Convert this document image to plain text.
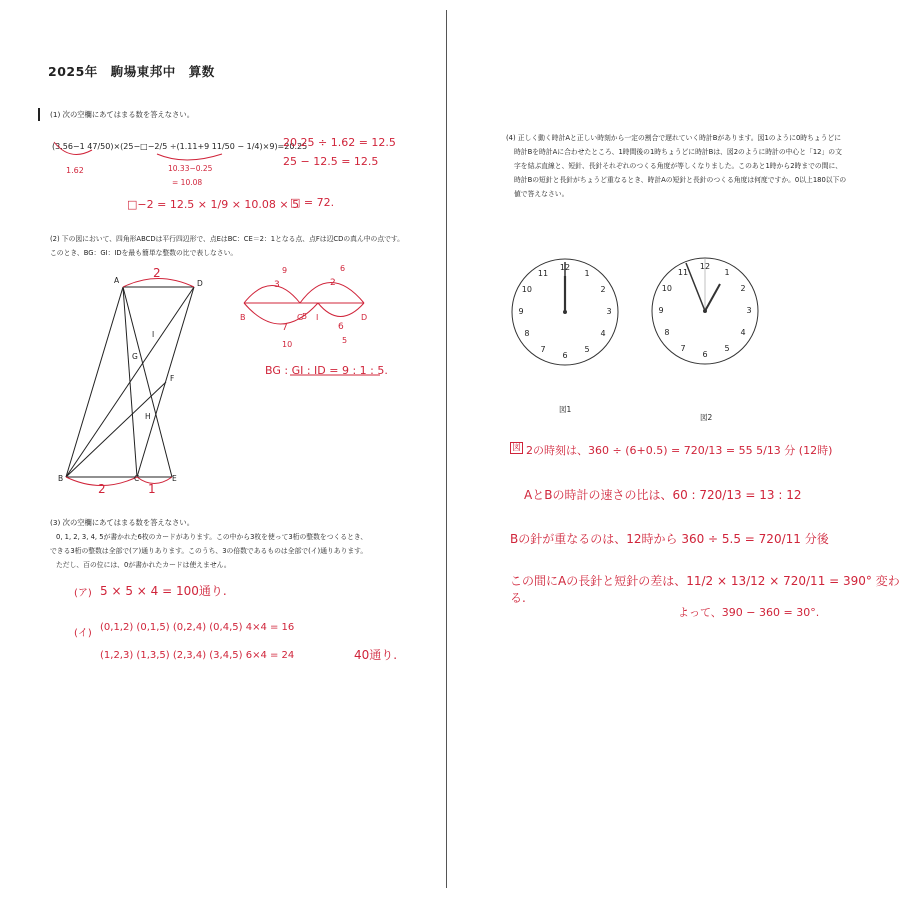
2025年　駒場東邦中　算数
(1) 次の空欄にあてはまる数を答えなさい。
(3.56−1 47/50)×(25−□−2/5 ÷(1.11+9 11/50 − 1/4)×9)=20.25
1.62	10.33−0.25
= 10.08
20.25 ÷ 1.62 = 12.5
25 − 12.5 = 12.5
□−2 = 12.5 × 1/9 × 10.08 × 5
□ = 72.
(2) 下の図において、四角形ABCDは平行四辺形で、点EはBC：CE＝2：1となる点、点Fは辺CDの真ん中の点です。
このとき、BG：GI：IDを最も簡単な整数の比で表しなさい。
A	D
B	C	E
G
I
H
F
2
2	1
9
3
6
2
7
5
10	5
6
B	G I	D
BG : GI : ID = 9 : 1 : 5.
(3) 次の空欄にあてはまる数を答えなさい。
0, 1, 2, 3, 4, 5が書かれた6枚のカードがあります。この中から3枚を使って3桁の整数をつくるとき、
できる3桁の整数は全部で(ア)通りあります。このうち、3の倍数であるものは全部で(イ)通りあります。
ただし、百の位には、0が書かれたカードは使えません。
(ア) 5 × 5 × 4 = 100通り.
(イ)
(0,1,2) (0,1,5) (0,2,4) (0,4,5) 4×4 = 16
(1,2,3) (1,3,5) (2,3,4) (3,4,5) 6×4 = 24	40通り.
(4) 正しく動く時計Aと正しい時刻から一定の割合で遅れていく時計Bがあります。図1のように0時ちょうどに
時計Bを時計Aに合わせたところ、1時間後の1時ちょうどに時計Bは、図2のように時計の中心と「12」の文
字を結ぶ直線と、短針、長針それぞれのつくる角度が等しくなりました。このあと1時から2時までの間に、
時計Bの短針と長針がちょうど重なるとき、時計Aの短針と長針のつくる角度は何度ですか。0以上180以下の
値で答えなさい。
12
1
2
3
4
5
6
7
8
9
10
11
12
1
2
3
4
5
6
7
8
9
10
11
図1
図2
図 2の時刻は、360 ÷ (6+0.5) = 720/13 = 55 5/13 分 (12時)
AとBの時計の速さの比は、60 : 720/13 = 13 : 12
Bの針が重なるのは、12時から 360 ÷ 5.5 = 720/11 分後
この間にAの長針と短針の差は、11/2 × 13/12 × 720/11 = 390° 変わる.
よって、390 − 360 = 30°.
